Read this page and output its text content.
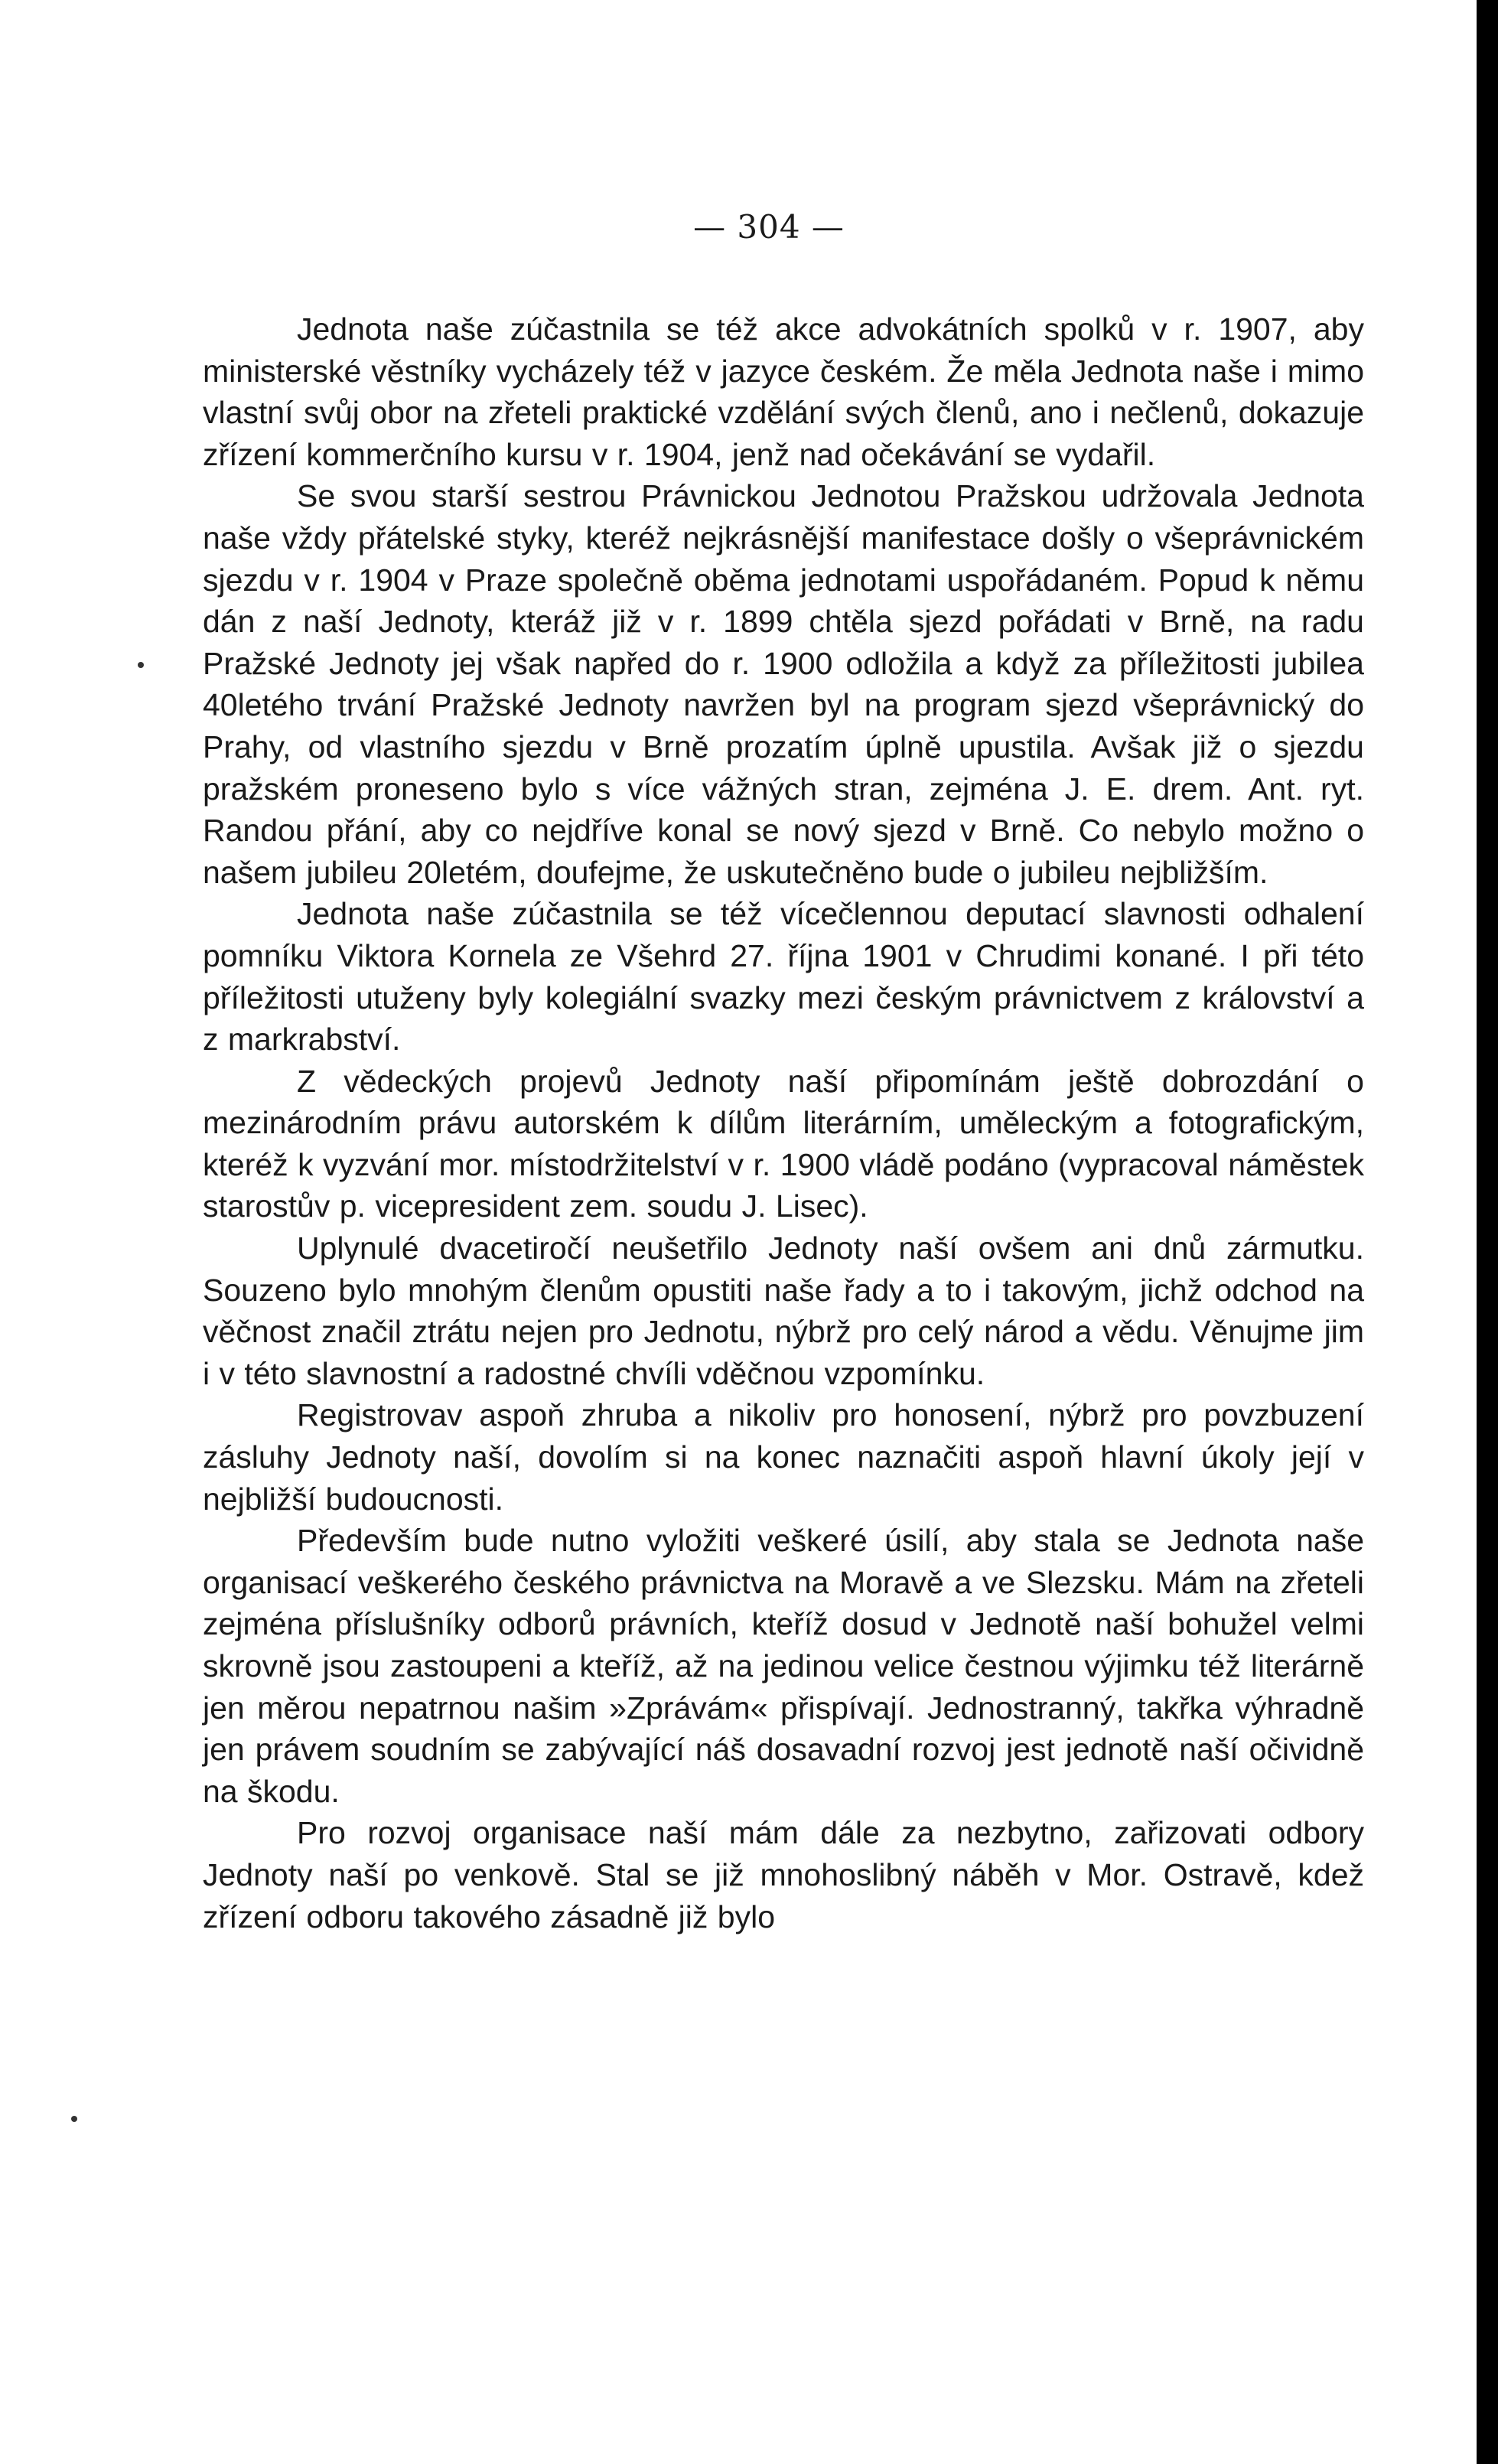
— 304 —

Jednota naše zúčastnila se též akce advokátních spolků v r. 1907, aby ministerské věstníky vycházely též v jazyce českém. Že měla Jednota naše i mimo vlastní svůj obor na zřeteli praktické vzdělání svých členů, ano i nečlenů, dokazuje zřízení kommerčního kursu v r. 1904, jenž nad očekávání se vydařil.

Se svou starší sestrou Právnickou Jednotou Pražskou udržovala Jednota naše vždy přátelské styky, kteréž nejkrásnější manifestace došly o všeprávnickém sjezdu v r. 1904 v Praze společně oběma jednotami uspořádaném. Popud k němu dán z naší Jednoty, kteráž již v r. 1899 chtěla sjezd pořádati v Brně, na radu Pražské Jednoty jej však napřed do r. 1900 odložila a když za příležitosti jubilea 40letého trvání Pražské Jednoty navržen byl na program sjezd všeprávnický do Prahy, od vlastního sjezdu v Brně prozatím úplně upustila. Avšak již o sjezdu pražském proneseno bylo s více vážných stran, zejména J. E. drem. Ant. ryt. Randou přání, aby co nejdříve konal se nový sjezd v Brně. Co nebylo možno o našem jubileu 20letém, doufejme, že uskutečněno bude o jubileu nejbližším.

Jednota naše zúčastnila se též vícečlennou deputací slavnosti odhalení pomníku Viktora Kornela ze Všehrd 27. října 1901 v Chrudimi konané. I při této příležitosti utuženy byly kolegiální svazky mezi českým právnictvem z království a z markrabství.

Z vědeckých projevů Jednoty naší připomínám ještě dobrozdání o mezinárodním právu autorském k dílům literárním, uměleckým a fotografickým, kteréž k vyzvání mor. místodržitelství v r. 1900 vládě podáno (vypracoval náměstek starostův p. vicepresident zem. soudu J. Lisec).

Uplynulé dvacetiročí neušetřilo Jednoty naší ovšem ani dnů zármutku. Souzeno bylo mnohým členům opustiti naše řady a to i takovým, jichž odchod na věčnost značil ztrátu nejen pro Jednotu, nýbrž pro celý národ a vědu. Věnujme jim i v této slavnostní a radostné chvíli vděčnou vzpomínku.

Registrovav aspoň zhruba a nikoliv pro honosení, nýbrž pro povzbuzení zásluhy Jednoty naší, dovolím si na konec naznačiti aspoň hlavní úkoly její v nejbližší budoucnosti.

Především bude nutno vyložiti veškeré úsilí, aby stala se Jednota naše organisací veškerého českého právnictva na Moravě a ve Slezsku. Mám na zřeteli zejména příslušníky odborů právních, kteříž dosud v Jednotě naší bohužel velmi skrovně jsou zastoupeni a kteříž, až na jedinou velice čestnou výjimku též literárně jen měrou nepatrnou našim »Zprávám« přispívají. Jednostranný, takřka výhradně jen právem soudním se zabývající náš dosavadní rozvoj jest jednotě naší očividně na škodu.

Pro rozvoj organisace naší mám dále za nezbytno, zařizovati odbory Jednoty naší po venkově. Stal se již mnohoslibný náběh v Mor. Ostravě, kdež zřízení odboru takového zásadně již bylo
